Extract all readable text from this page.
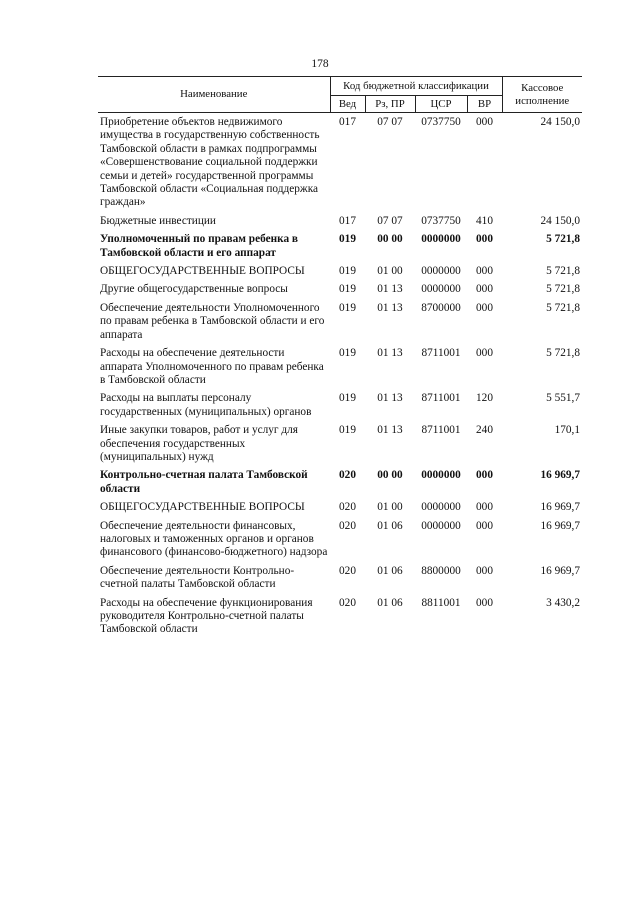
178
Наименование	Код бюджетной классификации				Кассовое исполнение
	Вед	Рз, ПР	ЦСР	ВР	
Приобретение объектов недвижимого имущества в государственную собственность Тамбовской области в рамках подпрограммы «Совершенствование социальной поддержки семьи и детей» государственной программы Тамбовской области «Социальная поддержка граждан»	017	07 07	0737750	000	24 150,0
Бюджетные инвестиции	017	07 07	0737750	410	24 150,0
Уполномоченный по правам ребенка в Тамбовской области и его аппарат	019	00 00	0000000	000	5 721,8
ОБЩЕГОСУДАРСТВЕННЫЕ ВОПРОСЫ	019	01 00	0000000	000	5 721,8
Другие общегосударственные вопросы	019	01 13	0000000	000	5 721,8
Обеспечение деятельности Уполномоченного по правам ребенка в Тамбовской области и его аппарата	019	01 13	8700000	000	5 721,8
Расходы на обеспечение деятельности аппарата Уполномоченного по правам ребенка в Тамбовской области	019	01 13	8711001	000	5 721,8
Расходы на выплаты персоналу государственных (муниципальных) органов	019	01 13	8711001	120	5 551,7
Иные закупки товаров, работ и услуг для обеспечения государственных (муниципальных) нужд	019	01 13	8711001	240	170,1
Контрольно-счетная палата Тамбовской области	020	00 00	0000000	000	16 969,7
ОБЩЕГОСУДАРСТВЕННЫЕ ВОПРОСЫ	020	01 00	0000000	000	16 969,7
Обеспечение деятельности финансовых, налоговых и таможенных органов и органов финансового (финансово-бюджетного) надзора	020	01 06	0000000	000	16 969,7
Обеспечение деятельности Контрольно-счетной палаты Тамбовской области	020	01 06	8800000	000	16 969,7
Расходы на обеспечение функционирования руководителя Контрольно-счетной палаты Тамбовской области	020	01 06	8811001	000	3 430,2
